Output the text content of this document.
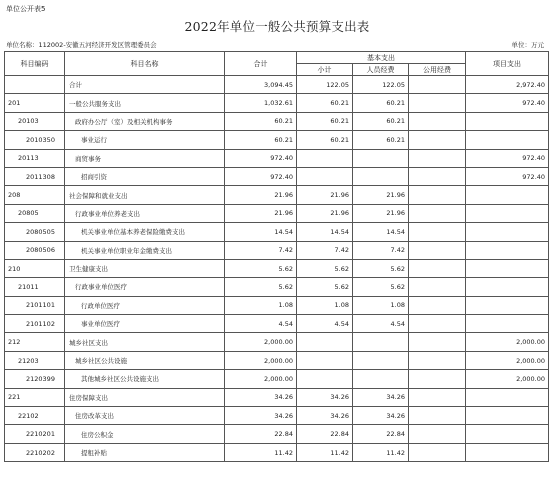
单位公开表5
2022年单位一般公共预算支出表
单位名称：112002-安徽五河经济开发区管理委员会	单位：万元
科目编码	科目名称	合计	基本支出			项目支出
			小计	人员经费	公用经费	
	合计	3,094.45	122.05	122.05		2,972.40
201	一般公共服务支出	1,032.61	60.21	60.21		972.40
20103	政府办公厅（室）及相关机构事务	60.21	60.21	60.21		
2010350	事业运行	60.21	60.21	60.21		
20113	商贸事务	972.40				972.40
2011308	招商引资	972.40				972.40
208	社会保障和就业支出	21.96	21.96	21.96		
20805	行政事业单位养老支出	21.96	21.96	21.96		
2080505	机关事业单位基本养老保险缴费支出	14.54	14.54	14.54		
2080506	机关事业单位职业年金缴费支出	7.42	7.42	7.42		
210	卫生健康支出	5.62	5.62	5.62		
21011	行政事业单位医疗	5.62	5.62	5.62		
2101101	行政单位医疗	1.08	1.08	1.08		
2101102	事业单位医疗	4.54	4.54	4.54		
212	城乡社区支出	2,000.00				2,000.00
21203	城乡社区公共设施	2,000.00				2,000.00
2120399	其他城乡社区公共设施支出	2,000.00				2,000.00
221	住房保障支出	34.26	34.26	34.26		
22102	住房改革支出	34.26	34.26	34.26		
2210201	住房公积金	22.84	22.84	22.84		
2210202	提租补贴	11.42	11.42	11.42		
